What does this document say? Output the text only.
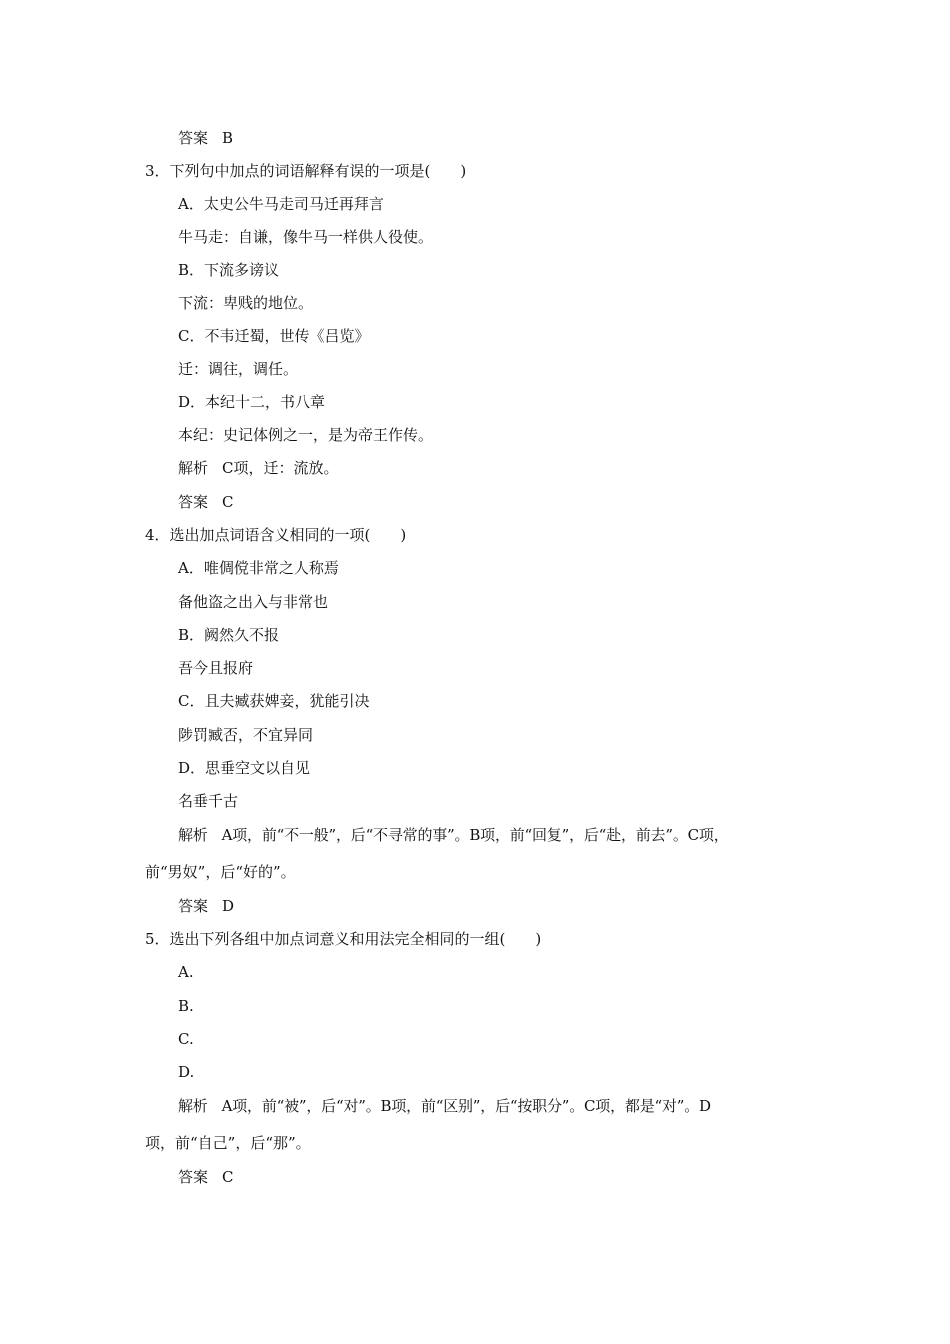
答案 B
3．下列句中加点的词语解释有误的一项是(　　)
A．太史公牛马走司马迁再拜言
牛马走：自谦，像牛马一样供人役使。
B．下流多谤议
下流：卑贱的地位。
C．不韦迁蜀，世传《吕览》
迁：调往，调任。
D．本纪十二，书八章
本纪：史记体例之一，是为帝王作传。
解析 C项，迁：流放。
答案 C
4．选出加点词语含义相同的一项(　　)
A．唯倜傥非常之人称焉
备他盗之出入与非常也
B．阙然久不报
吾今且报府
C．且夫臧获婢妾，犹能引决
陟罚臧否，不宜异同
D．思垂空文以自见
名垂千古
解析 A项，前“不一般”，后“不寻常的事”。B项，前“回复”，后“赴，前去”。C项，
前“男奴”，后“好的”。
答案 D
5．选出下列各组中加点词意义和用法完全相同的一组(　　)
A.
B.
C.
D.
解析 A项，前“被”，后“对”。B项，前“区别”，后“按职分”。C项，都是“对”。D
项，前“自己”，后“那”。
答案 C
